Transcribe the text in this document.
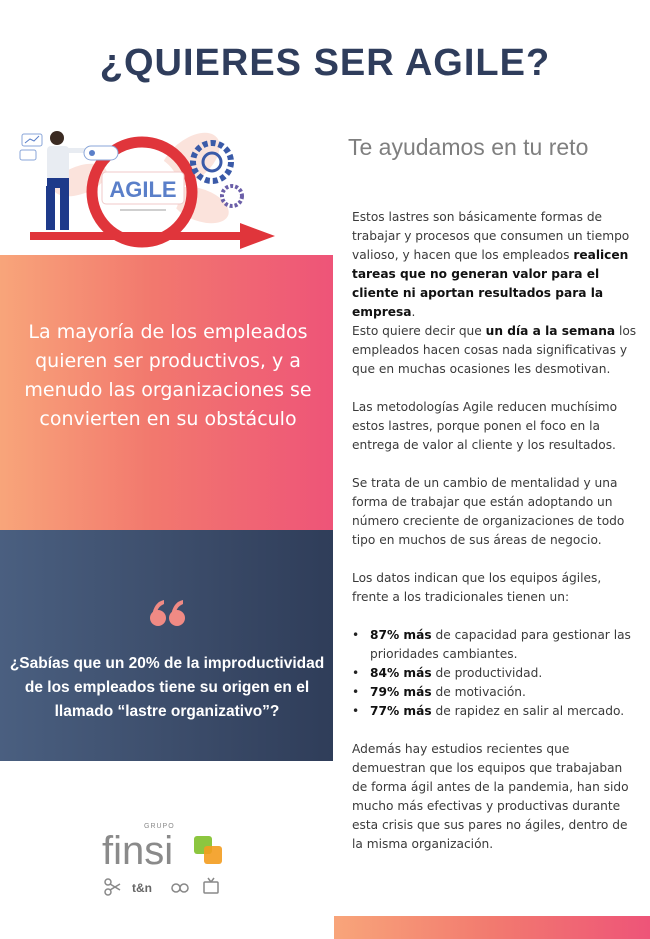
¿QUIERES SER AGILE?
Te ayudamos en tu reto
AGILE
La mayoría de los empleados quieren ser productivos, y a menudo las organizaciones se convierten en su obstáculo
¿Sabías que un 20% de la improductividad de los empleados tiene su origen en el llamado “lastre organizativo”?
Estos lastres son básicamente formas de trabajar y procesos que consumen un tiempo valioso, y hacen que los empleados realicen tareas que no generan valor para el cliente ni aportan resultados para la empresa.
Esto quiere decir que un día a la semana los empleados hacen cosas nada significativas y que en muchas ocasiones les desmotivan.
Las metodologías Agile reducen muchísimo estos lastres, porque ponen el foco en la entrega de valor al cliente y los resultados.
Se trata de un cambio de mentalidad y una forma de trabajar que están adoptando un número creciente de organizaciones de todo tipo en muchos de sus áreas de negocio.
Los datos indican que los equipos ágiles, frente a los tradicionales tienen un:
• 87% más de capacidad para gestionar las prioridades cambiantes.
• 84% más de productividad.
• 79% más de motivación.
• 77% más de rapidez en salir al mercado.
Además hay estudios recientes que demuestran que los equipos que trabajaban de forma ágil antes de la pandemia, han sido mucho más efectivas y productivas durante esta crisis que sus pares no ágiles, dentro de la misma organización.
GRUPO
finsi
t&n
